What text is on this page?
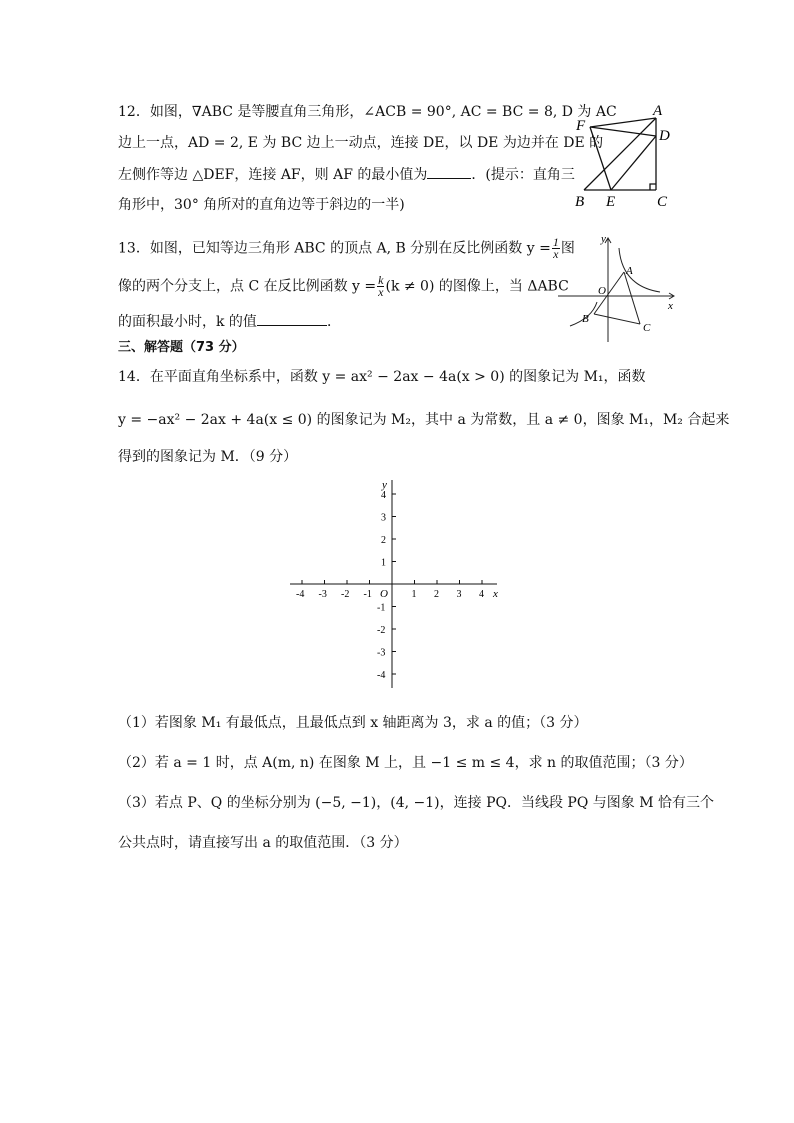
12．如图，∇ABC 是等腰直角三角形，∠ACB = 90°, AC = BC = 8, D 为 AC
边上一点，AD = 2, E 为 BC 边上一动点，连接 DE，以 DE 为边并在 DE 的
左侧作等边 △DEF，连接 AF，则 AF 的最小值为	．(提示：直角三
角形中，30° 角所对的直角边等于斜边的一半)
A
D
F
B E	C
13．如图，已知等边三角形 ABC 的顶点 A, B 分别在反比例函数 $y = \frac{1}{x}$ 图
像的两个分支上，点 C 在反比例函数 $y = \frac{k}{x} (k \ne 0)$ 的图像上，当 ΔABC
的面积最小时，k 的值	．
y
x
O
A
B
C
三、解答题（73 分）
14．在平面直角坐标系中，函数 y = ax² − 2ax − 4a(x > 0) 的图象记为 M₁，函数
y = −ax² − 2ax + 4a(x ≤ 0) 的图象记为 M₂，其中 a 为常数，且 a ≠ 0，图象 M₁，M₂ 合起来
得到的图象记为 M．（9 分）
-4 -3 -2 -1	1 2 3 4
4
3
2
1
-1
-2
-3
-4
x
y
O
（1）若图象 M₁ 有最低点，且最低点到 x 轴距离为 3，求 a 的值；（3 分）
（2）若 a = 1 时，点 A(m, n) 在图象 M 上，且 −1 ≤ m ≤ 4，求 n 的取值范围；（3 分）
（3）若点 P、Q 的坐标分别为 (−5, −1)，(4, −1)，连接 PQ．当线段 PQ 与图象 M 恰有三个
公共点时，请直接写出 a 的取值范围．（3 分）
